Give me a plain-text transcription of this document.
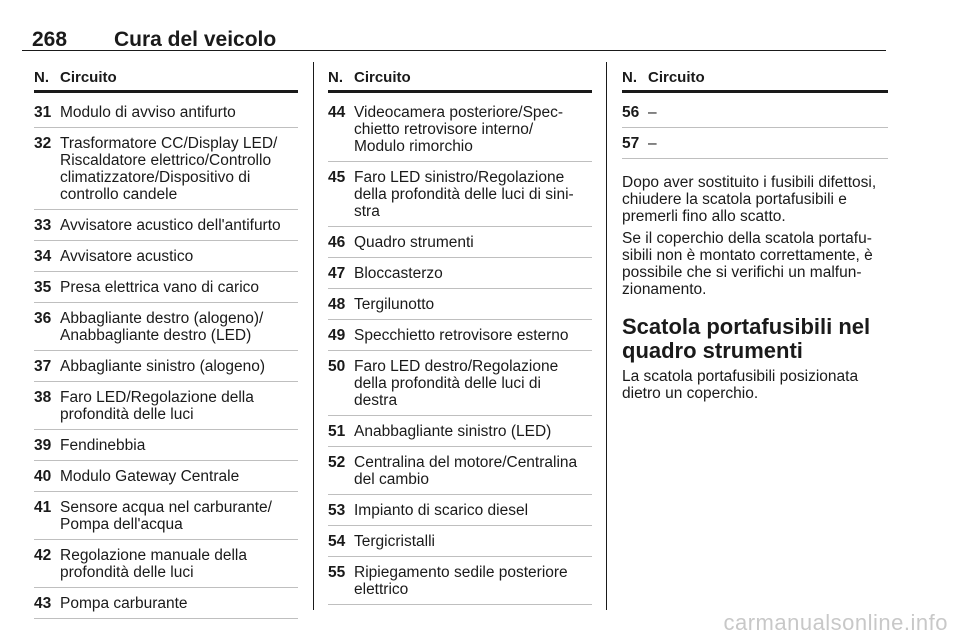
268 Cura del veicolo
N. Circuito
31 Modulo di avviso antifurto
32 Trasformatore CC/Display LED/
Riscaldatore elettrico/Controllo
climatizzatore/Dispositivo di
controllo candele
33 Avvisatore acustico dell'antifurto
34 Avvisatore acustico
35 Presa elettrica vano di carico
36 Abbagliante destro (alogeno)/
Anabbagliante destro (LED)
37 Abbagliante sinistro (alogeno)
38 Faro LED/Regolazione della
profondità delle luci
39 Fendinebbia
40 Modulo Gateway Centrale
41 Sensore acqua nel carburante/
Pompa dell'acqua
42 Regolazione manuale della
profondità delle luci
43 Pompa carburante
N. Circuito
44 Videocamera posteriore/Spec-
chietto retrovisore interno/
Modulo rimorchio
45 Faro LED sinistro/Regolazione
della profondità delle luci di sini-
stra
46 Quadro strumenti
47 Bloccasterzo
48 Tergilunotto
49 Specchietto retrovisore esterno
50 Faro LED destro/Regolazione
della profondità delle luci di
destra
51 Anabbagliante sinistro (LED)
52 Centralina del motore/Centralina
del cambio
53 Impianto di scarico diesel
54 Tergicristalli
55 Ripiegamento sedile posteriore
elettrico
N. Circuito
56 –
57 –

Dopo aver sostituito i fusibili difettosi,
chiudere la scatola portafusibili e
premerli fino allo scatto.

Se il coperchio della scatola portafu-
sibili non è montato correttamente, è
possibile che si verifichi un malfun-
zionamento.

Scatola portafusibili nel
quadro strumenti

La scatola portafusibili posizionata
dietro un coperchio.

carmanualsonline.info
